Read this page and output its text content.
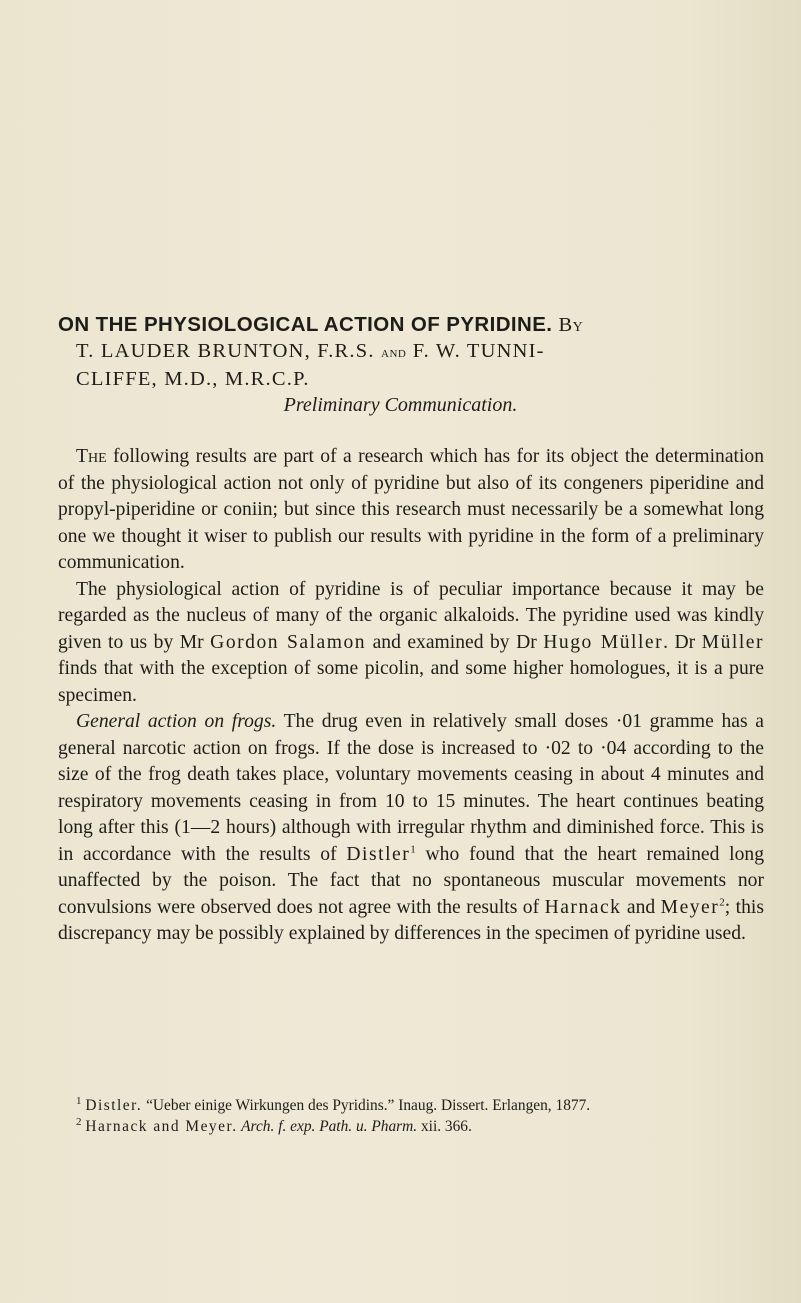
ON THE PHYSIOLOGICAL ACTION OF PYRIDINE. By
T. LAUDER BRUNTON, F.R.S. and F. W. TUNNI-
CLIFFE, M.D., M.R.C.P.
Preliminary Communication.

The following results are part of a research which has for its object the determination of the physiological action not only of pyridine but also of its congeners piperidine and propyl-piperidine or coniin; but since this research must necessarily be a somewhat long one we thought it wiser to publish our results with pyridine in the form of a preliminary communication.

The physiological action of pyridine is of peculiar importance because it may be regarded as the nucleus of many of the organic alkaloids. The pyridine used was kindly given to us by Mr Gordon Salamon and examined by Dr Hugo Müller. Dr Müller finds that with the exception of some picolin, and some higher homologues, it is a pure specimen.

General action on frogs. The drug even in relatively small doses ·01 gramme has a general narcotic action on frogs. If the dose is increased to ·02 to ·04 according to the size of the frog death takes place, voluntary movements ceasing in about 4 minutes and respiratory movements ceasing in from 10 to 15 minutes. The heart continues beating long after this (1—2 hours) although with irregular rhythm and diminished force. This is in accordance with the results of Distler$^1$ who found that the heart remained long unaffected by the poison. The fact that no spontaneous muscular movements nor convulsions were observed does not agree with the results of Harnack and Meyer$^2$; this discrepancy may be possibly explained by differences in the specimen of pyridine used.

$^1$ Distler. “Ueber einige Wirkungen des Pyridins.” Inaug. Dissert. Erlangen, 1877.
$^2$ Harnack and Meyer. Arch. f. exp. Path. u. Pharm. xii. 366.
